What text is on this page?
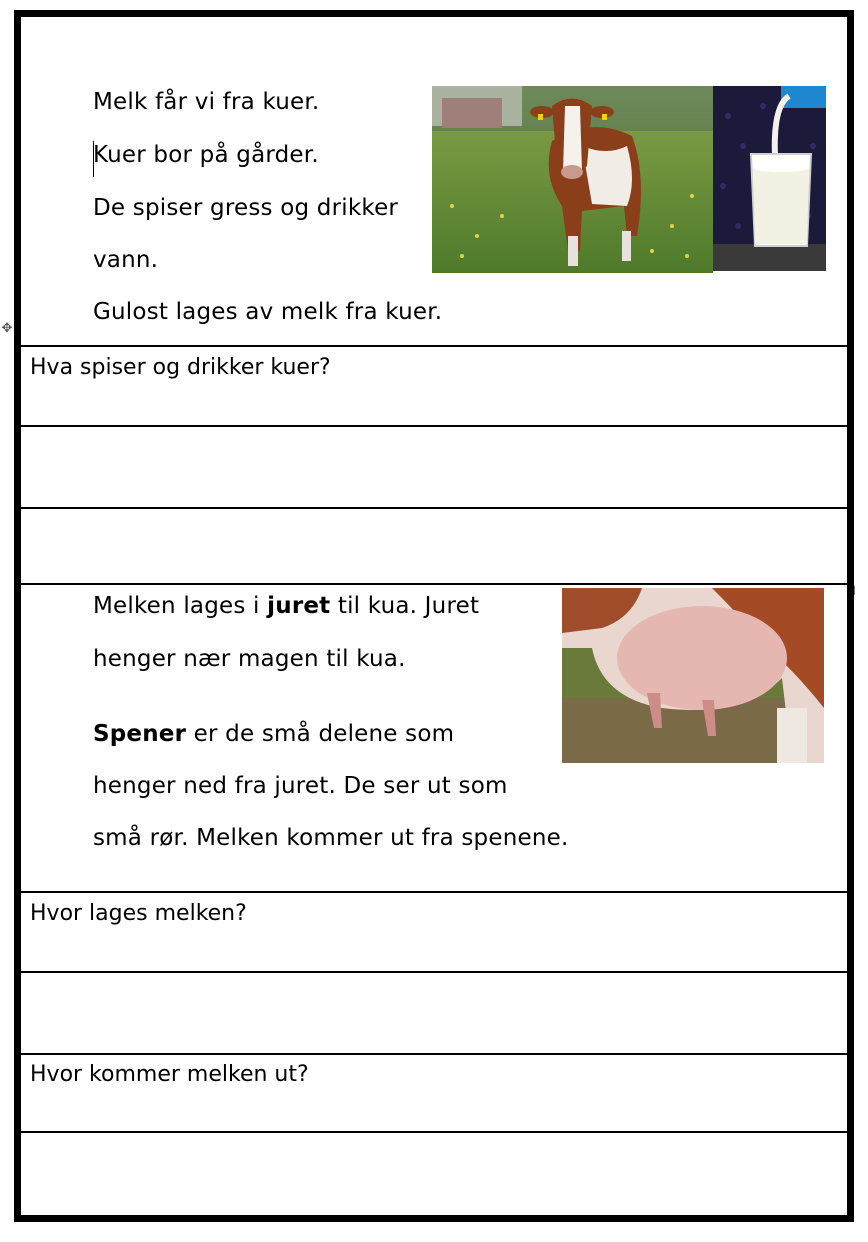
✥
Melk får vi fra kuer.
Kuer bor på gårder.
De spiser gress og drikker
vann.
Gulost lages av melk fra kuer.
Hva spiser og drikker kuer?
Melken lages i juret til kua. Juret
henger nær magen til kua.
Spener er de små delene som
henger ned fra juret. De ser ut som
små rør. Melken kommer ut fra spenene.
Hvor lages melken?
Hvor kommer melken ut?
